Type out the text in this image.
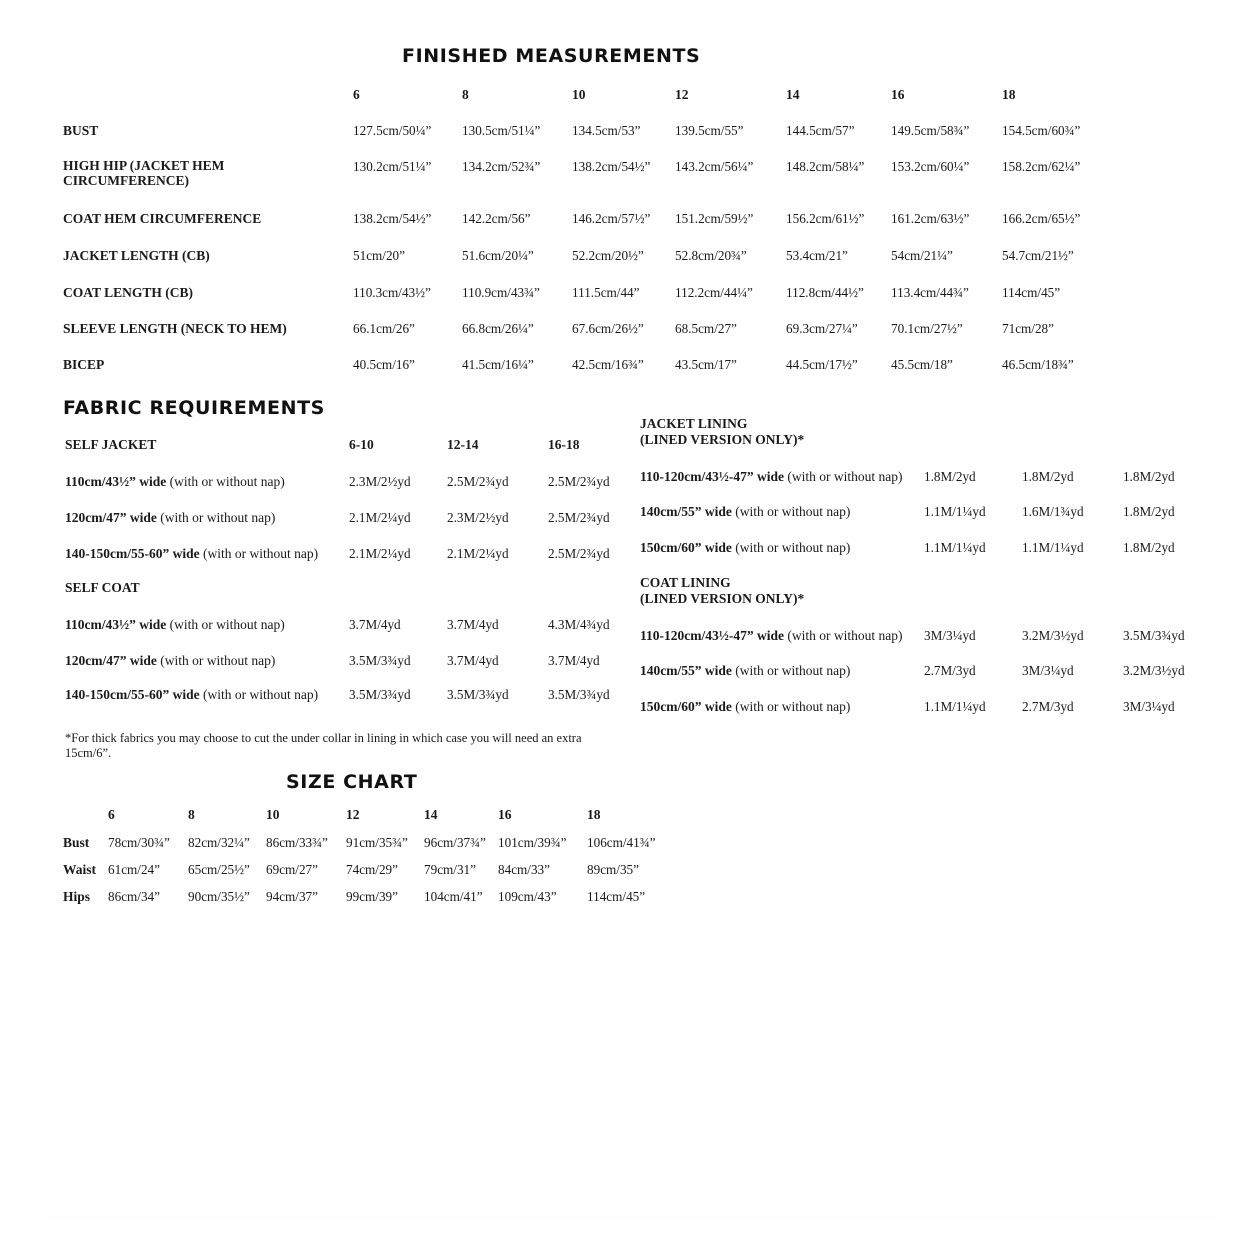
FINISHED MEASUREMENTS
6	8	10	12	14	16	18
BUST	127.5cm/50¼” 130.5cm/51¼” 134.5cm/53”	139.5cm/55”	144.5cm/57”	149.5cm/58¾” 154.5cm/60¾”
HIGH HIP (JACKET HEM CIRCUMFERENCE)
130.2cm/51¼” 134.2cm/52¾” 138.2cm/54½” 143.2cm/56¼” 148.2cm/58¼” 153.2cm/60¼” 158.2cm/62¼”
COAT HEM CIRCUMFERENCE	138.2cm/54½” 142.2cm/56”	146.2cm/57½” 151.2cm/59½” 156.2cm/61½” 161.2cm/63½” 166.2cm/65½”
JACKET LENGTH (CB)	51cm/20”	51.6cm/20¼”	52.2cm/20½” 52.8cm/20¾”	53.4cm/21”	54cm/21¼”	54.7cm/21½”
COAT LENGTH (CB)	110.3cm/43½” 110.9cm/43¾” 111.5cm/44”	112.2cm/44¼”	112.8cm/44½” 113.4cm/44¾”	114cm/45”
SLEEVE LENGTH (NECK TO HEM)	66.1cm/26”	66.8cm/26¼”	67.6cm/26½” 68.5cm/27”	69.3cm/27¼”	70.1cm/27½”	71cm/28”
BICEP	40.5cm/16”	41.5cm/16¼”	42.5cm/16¾” 43.5cm/17”	44.5cm/17½”	45.5cm/18”	46.5cm/18¾”
FABRIC REQUIREMENTS
SELF JACKET	6-10	12-14	16-18
110cm/43½” wide (with or without nap)	2.3M/2½yd	2.5M/2¾yd	2.5M/2¾yd
120cm/47” wide (with or without nap)	2.1M/2¼yd	2.3M/2½yd	2.5M/2¾yd
140-150cm/55-60” wide (with or without nap) 2.1M/2¼yd	2.1M/2¼yd	2.5M/2¾yd
SELF COAT
110cm/43½” wide (with or without nap)	3.7M/4yd	3.7M/4yd	4.3M/4¾yd
120cm/47” wide (with or without nap)	3.5M/3¾yd	3.7M/4yd	3.7M/4yd
140-150cm/55-60” wide (with or without nap) 3.5M/3¾yd	3.5M/3¾yd	3.5M/3¾yd
JACKET LINING
(LINED VERSION ONLY)*
110-120cm/43½-47” wide (with or without nap) 1.8M/2yd	1.8M/2yd	1.8M/2yd
140cm/55” wide (with or without nap)	1.1M/1¼yd	1.6M/1¾yd	1.8M/2yd
150cm/60” wide (with or without nap)	1.1M/1¼yd	1.1M/1¼yd	1.8M/2yd
COAT LINING
(LINED VERSION ONLY)*
110-120cm/43½-47” wide (with or without nap) 3M/3¼yd	3.2M/3½yd	3.5M/3¾yd
140cm/55” wide (with or without nap)	2.7M/3yd	3M/3¼yd	3.2M/3½yd
150cm/60” wide (with or without nap)	1.1M/1¼yd	2.7M/3yd	3M/3¼yd
*For thick fabrics you may choose to cut the under collar in lining in which case you will need an extra 15cm/6”.
SIZE CHART
6	8	10	12	14	16	18
Bust 78cm/30¾” 82cm/32¼” 86cm/33¾” 91cm/35¾” 96cm/37¾” 101cm/39¾” 106cm/41¾”
Waist 61cm/24” 65cm/25½” 69cm/27” 74cm/29” 79cm/31” 84cm/33”	89cm/35”
Hips 86cm/34” 90cm/35½” 94cm/37” 99cm/39” 104cm/41” 109cm/43” 114cm/45”
